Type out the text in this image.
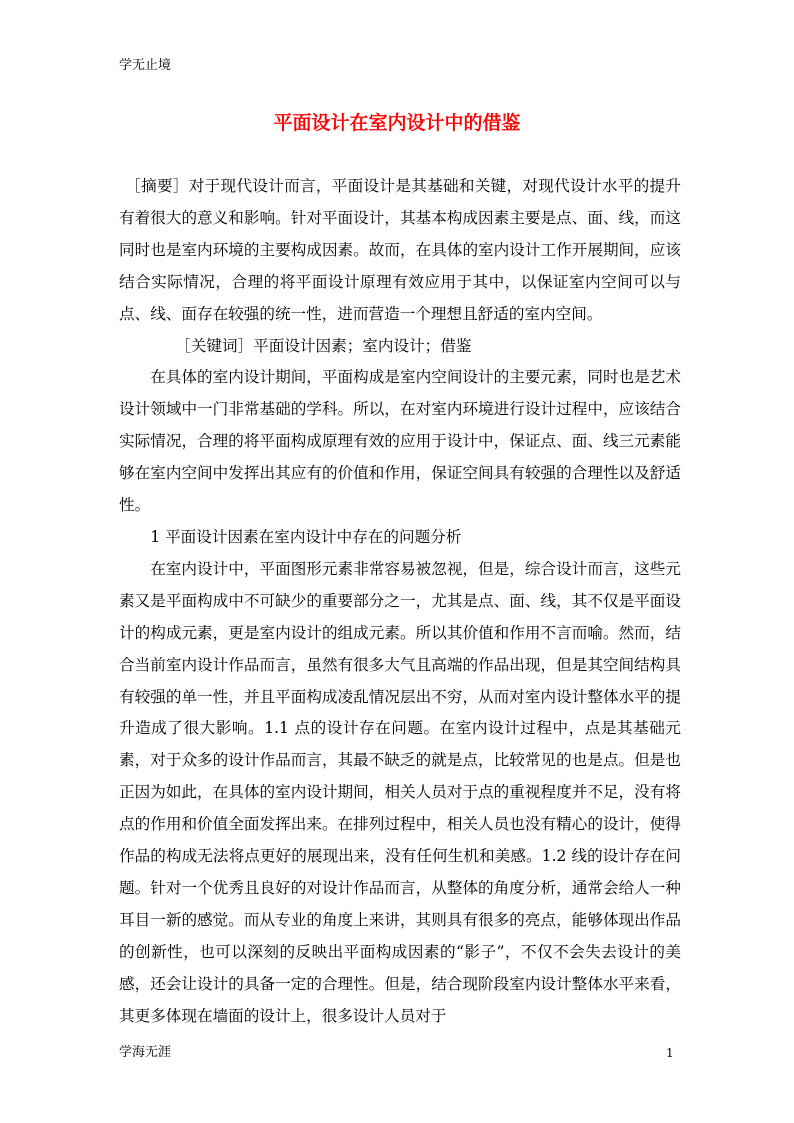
学无止境
平面设计在室内设计中的借鉴

［摘要］对于现代设计而言，平面设计是其基础和关键，对现代设计水平的提升有着很大的意义和影响。针对平面设计，其基本构成因素主要是点、面、线，而这同时也是室内环境的主要构成因素。故而，在具体的室内设计工作开展期间，应该结合实际情况，合理的将平面设计原理有效应用于其中，以保证室内空间可以与点、线、面存在较强的统一性，进而营造一个理想且舒适的室内空间。

［关键词］平面设计因素；室内设计；借鉴

在具体的室内设计期间，平面构成是室内空间设计的主要元素，同时也是艺术设计领域中一门非常基础的学科。所以，在对室内环境进行设计过程中，应该结合实际情况，合理的将平面构成原理有效的应用于设计中，保证点、面、线三元素能够在室内空间中发挥出其应有的价值和作用，保证空间具有较强的合理性以及舒适性。

1 平面设计因素在室内设计中存在的问题分析

在室内设计中，平面图形元素非常容易被忽视，但是，综合设计而言，这些元素又是平面构成中不可缺少的重要部分之一，尤其是点、面、线，其不仅是平面设计的构成元素，更是室内设计的组成元素。所以其价值和作用不言而喻。然而，结合当前室内设计作品而言，虽然有很多大气且高端的作品出现，但是其空间结构具有较强的单一性，并且平面构成凌乱情况层出不穷，从而对室内设计整体水平的提升造成了很大影响。1.1 点的设计存在问题。在室内设计过程中，点是其基础元素，对于众多的设计作品而言，其最不缺乏的就是点，比较常见的也是点。但是也正因为如此，在具体的室内设计期间，相关人员对于点的重视程度并不足，没有将点的作用和价值全面发挥出来。在排列过程中，相关人员也没有精心的设计，使得作品的构成无法将点更好的展现出来，没有任何生机和美感。1.2 线的设计存在问题。针对一个优秀且良好的对设计作品而言，从整体的角度分析，通常会给人一种耳目一新的感觉。而从专业的角度上来讲，其则具有很多的亮点，能够体现出作品的创新性，也可以深刻的反映出平面构成因素的“影子”，不仅不会失去设计的美感，还会让设计的具备一定的合理性。但是，结合现阶段室内设计整体水平来看，其更多体现在墙面的设计上，很多设计人员对于

学海无涯	1
